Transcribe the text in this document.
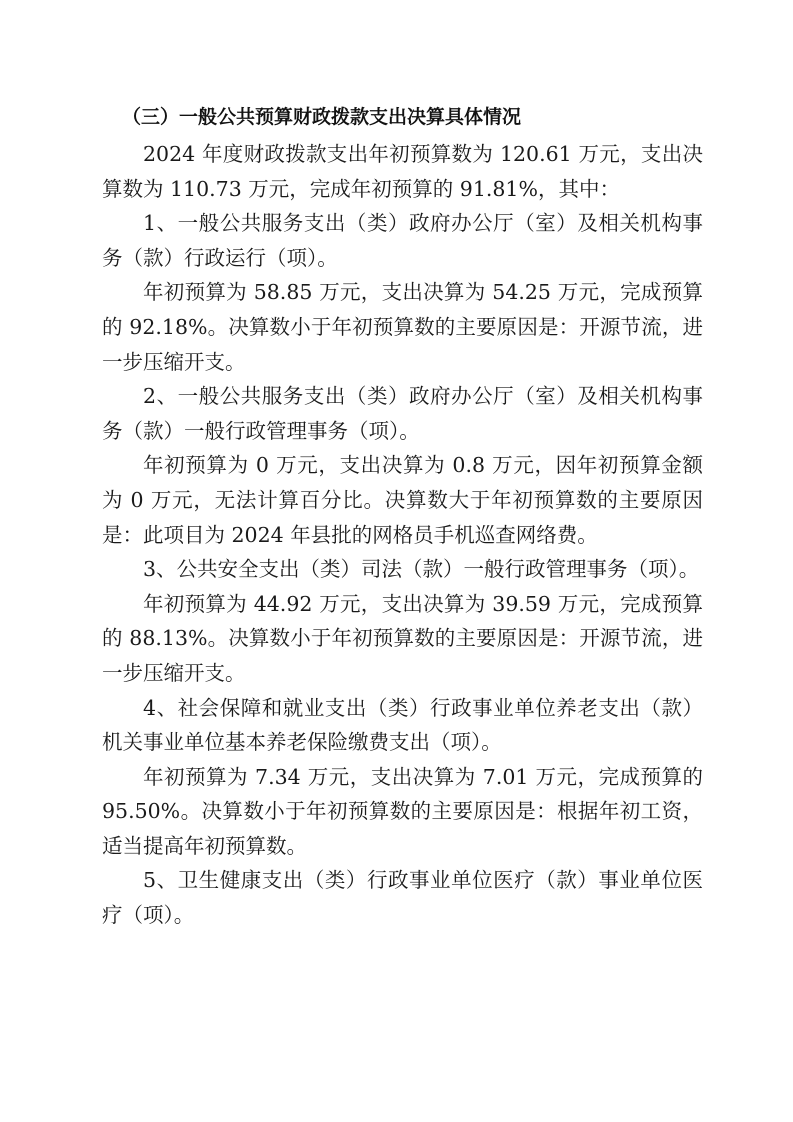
（三）一般公共预算财政拨款支出决算具体情况

2024 年度财政拨款支出年初预算数为 120.61 万元，支出决算数为 110.73 万元，完成年初预算的 91.81%，其中：

1、一般公共服务支出（类）政府办公厅（室）及相关机构事务（款）行政运行（项）。

年初预算为 58.85 万元，支出决算为 54.25 万元，完成预算的 92.18%。决算数小于年初预算数的主要原因是：开源节流，进一步压缩开支。

2、一般公共服务支出（类）政府办公厅（室）及相关机构事务（款）一般行政管理事务（项）。

年初预算为 0 万元，支出决算为 0.8 万元，因年初预算金额为 0 万元，无法计算百分比。决算数大于年初预算数的主要原因是：此项目为 2024 年县批的网格员手机巡查网络费。

3、公共安全支出（类）司法（款）一般行政管理事务（项）。

年初预算为 44.92 万元，支出决算为 39.59 万元，完成预算的 88.13%。决算数小于年初预算数的主要原因是：开源节流，进一步压缩开支。

4、社会保障和就业支出（类）行政事业单位养老支出（款）机关事业单位基本养老保险缴费支出（项）。

年初预算为 7.34 万元，支出决算为 7.01 万元，完成预算的 95.50%。决算数小于年初预算数的主要原因是：根据年初工资，适当提高年初预算数。

5、卫生健康支出（类）行政事业单位医疗（款）事业单位医疗（项）。
